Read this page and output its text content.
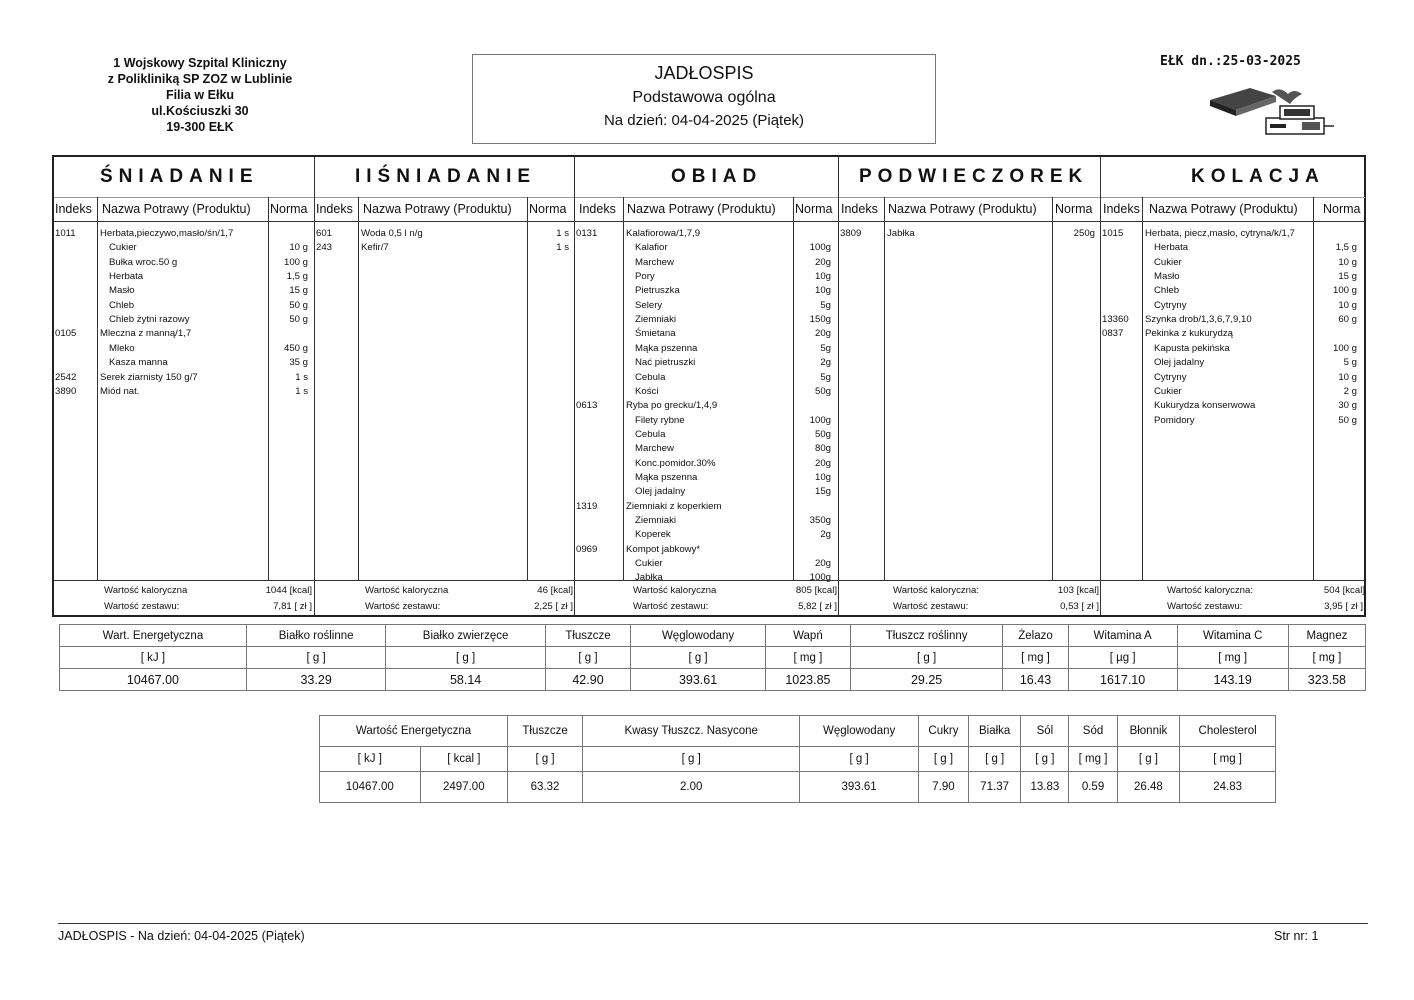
1 Wojskowy Szpital Kliniczny
z Polikliniką SP ZOZ w Lublinie
Filia w Ełku
ul.Kościuszki 30
19-300 EŁK
JADŁOSPIS
Podstawowa ogólna
Na dzień: 04-04-2025 (Piątek)
EŁK dn.:25-03-2025
ŚNIADANIE
Indeks Nazwa Potrawy (Produktu) Norma
1011	Herbata,pieczywo,masło/śn/1,7
Cukier	10 g
Bułka wroc.50 g	100 g
Herbata	1,5 g
Masło	15 g
Chleb	50 g
Chleb żytni razowy	50 g
0105 Mleczna z manną/1,7
Mleko	450 g
Kasza manna	35 g
2542 Serek ziarnisty 150 g/7	1 s
3890 Miód nat.	1 s
Wartość kaloryczna	1044 [kcal]
Wartość zestawu:	7,81 [ zł ]
IIŚNIADANIE
Indeks Nazwa Potrawy (Produktu) Norma
601	Woda 0,5 l n/g	1 s
243	Kefir/7	1 s
Wartość kaloryczna	46 [kcal]
Wartość zestawu:	2,25 [ zł ]
OBIAD
Indeks Nazwa Potrawy (Produktu) Norma
0131	Kalafiorowa/1,7,9
Kalafior	100g
Marchew	20g
Pory	10g
Pietruszka	10g
Selery	5g
Ziemniaki	150g
Śmietana	20g
Mąka pszenna	5g
Nać pietruszki	2g
Cebula	5g
Kości	50g
0613	Ryba po grecku/1,4,9
Filety rybne	100g
Cebula	50g
Marchew	80g
Konc.pomidor.30%	20g
Mąka pszenna	10g
Olej jadalny	15g
1319	Ziemniaki z koperkiem
Ziemniaki	350g
Koperek	2g
0969	Kompot jabkowy*
Cukier	20g
Jabłka	100g
Wartość kaloryczna	805 [kcal]
Wartość zestawu:	5,82 [ zł ]
PODWIECZOREK
Indeks Nazwa Potrawy (Produktu) Norma
3809	Jabłka	250g
Wartość kaloryczna:	103 [kcal]
Wartość zestawu:	0,53 [ zł ]
KOLACJA
Indeks Nazwa Potrawy (Produktu) Norma
1015 Herbata, piecz,masło, cytryna/k/1,7
Herbata	1,5 g
Cukier	10 g
Masło	15 g
Chleb	100 g
Cytryny	10 g
13360 Szynka drob/1,3,6,7,9,10	60 g
0837 Pekinka z kukurydzą
Kapusta pekińska	100 g
Olej jadalny	5 g
Cytryny	10 g
Cukier	2 g
Kukurydza konserwowa	30 g
Pomidory	50 g
Wartość kaloryczna:	504 [kcal]
Wartość zestawu:	3,95 [ zł ]
Wart. Energetyczna	Białko roślinne	Białko zwierzęce	Tłuszcze	Węglowodany	Wapń	Tłuszcz roślinny	Żelazo	Witamina A	Witamina C	Magnez
[ kJ ]	[ g ]	[ g ]	[ g ]	[ g ]	[ mg ]	[ g ]	[ mg ]	[ µg ]	[ mg ]	[ mg ]
10467.00	33.29	58.14	42.90	393.61	1023.85	29.25	16.43	1617.10	143.19	323.58
Wartość Energetyczna		Tłuszcze	Kwasy Tłuszcz. Nasycone	Węglowodany	Cukry	Białka	Sól	Sód	Błonnik	Cholesterol
[ kJ ]	[ kcal ]	[ g ]	[ g ]	[ g ]	[ g ]	[ g ]	[ g ]	[ mg ]	[ g ]	[ mg ]
10467.00	2497.00	63.32	2.00	393.61	7.90	71.37	13.83	0.59	26.48	24.83
JADŁOSPIS - Na dzień: 04-04-2025 (Piątek)	Str nr: 1
